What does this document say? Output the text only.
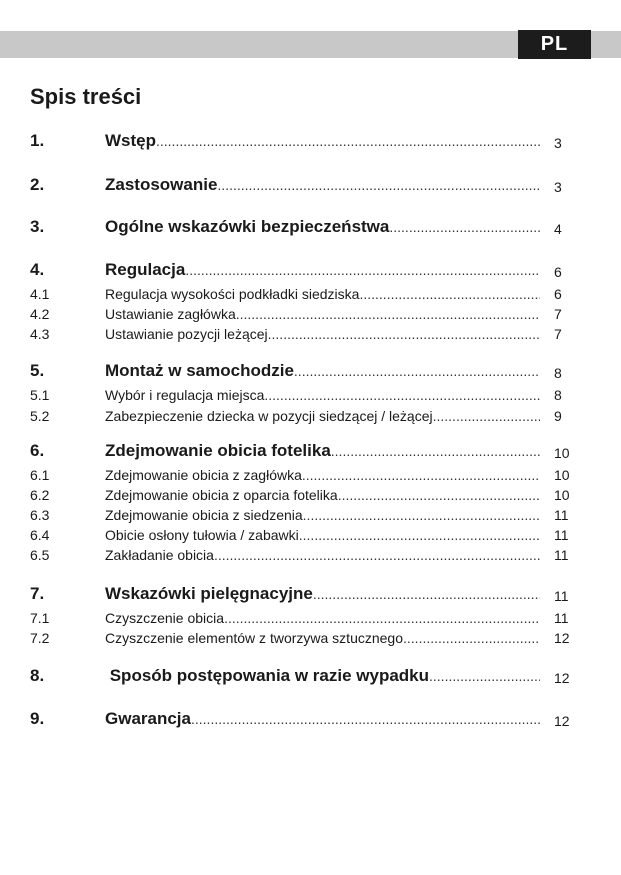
PL
Spis treści
1.	Wstęp .....	3
2.	Zastosowanie .....	3
3.	Ogólne wskazówki bezpieczeństwa .....	4
4.	Regulacja .....	6
4.1	Regulacja wysokości podkładki siedziska .....	6
4.2	Ustawianie zagłówka .....	7
4.3	Ustawianie pozycji leżącej .....	7
5.	Montaż w samochodzie .....	8
5.1	Wybór i regulacja miejsca .....	8
5.2	Zabezpieczenie dziecka w pozycji siedzącej / leżącej .....	9
6.	Zdejmowanie obicia fotelika .....	10
6.1	Zdejmowanie obicia z zagłówka .....	10
6.2	Zdejmowanie obicia z oparcia fotelika .....	10
6.3	Zdejmowanie obicia z siedzenia .....	11
6.4	Obicie osłony tułowia / zabawki .....	11
6.5	Zakładanie obicia .....	11
7.	Wskazówki pielęgnacyjne .....	11
7.1	Czyszczenie obicia .....	11
7.2	Czyszczenie elementów z tworzywa sztucznego .....	12
8.	Sposób postępowania w razie wypadku .....	12
9.	Gwarancja .....	12
